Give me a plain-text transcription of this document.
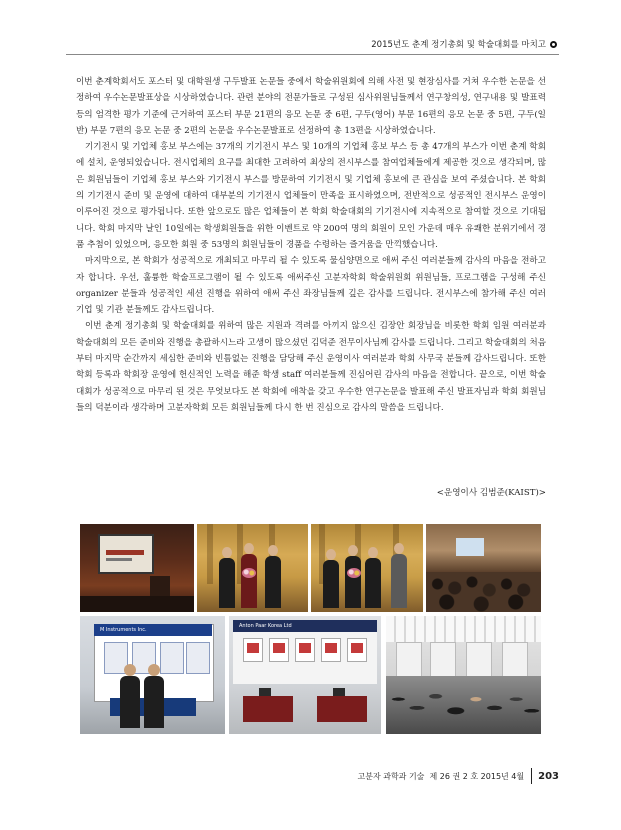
2015년도 춘계 정기총회 및 학술대회를 마치고

이번 춘계학회서도 포스터 및 대학원생 구두발표 논문들 중에서 학술위원회에 의해 사전 및 현장심사를 거쳐 우수한 논문을 선정하여 우수논문발표상을 시상하였습니다. 관련 분야의 전문가들로 구성된 심사위원님들께서 연구창의성, 연구내용 및 발표력 등의 엄격한 평가 기준에 근거하여 포스터 부문 21편의 응모 논문 중 6편, 구두(영어) 부문 16편의 응모 논문 중 5편, 구두(일반) 부문 7편의 응모 논문 중 2편의 논문을 우수논문발표로 선정하여 총 13편을 시상하였습니다.

기기전시 및 기업체 홍보 부스에는 37개의 기기전시 부스 및 10개의 기업체 홍보 부스 등 총 47개의 부스가 이번 춘계 학회에 설치, 운영되었습니다. 전시업체의 요구를 최대한 고려하여 최상의 전시부스를 참여업체들에게 제공한 것으로 생각되며, 많은 회원님들이 기업체 홍보 부스와 기기전시 부스를 방문하여 기기전시 및 기업체 홍보에 큰 관심을 보여 주셨습니다. 본 학회의 기기전시 준비 및 운영에 대하여 대부분의 기기전시 업체들이 만족을 표시하였으며, 전반적으로 성공적인 전시부스 운영이 이루어진 것으로 평가됩니다. 또한 앞으로도 많은 업체들이 본 학회 학술대회의 기기전시에 지속적으로 참여할 것으로 기대됩니다. 학회 마지막 날인 10일에는 학생회원들을 위한 이벤트로 약 200여 명의 회원이 모인 가운데 매우 유쾌한 분위기에서 경품 추첨이 있었으며, 응모한 회원 중 53명의 회원님들이 경품을 수령하는 즐거움을 만끽했습니다.

마지막으로, 본 학회가 성공적으로 개최되고 마무리 될 수 있도록 물심양면으로 애써 주신 여러분들께 감사의 마음을 전하고자 합니다. 우선, 훌륭한 학술프로그램이 될 수 있도록 애써주신 고분자학회 학술위원회 위원님들, 프로그램을 구성해 주신 organizer 분들과 성공적인 세션 진행을 위하여 애써 주신 좌장님들께 깊은 감사를 드립니다. 전시부스에 참가해 주신 여러 기업 및 기관 분들께도 감사드립니다.

이번 춘계 정기총회 및 학술대회를 위하여 많은 지원과 격려를 아끼지 않으신 김장안 회장님을 비롯한 학회 임원 여러분과 학술대회의 모든 준비와 진행을 총괄하시느라 고생이 많으셨던 김덕준 전무이사님께 감사를 드립니다. 그리고 학술대회의 처음부터 마지막 순간까지 세심한 준비와 빈틈없는 진행을 담당해 주신 운영이사 여러분과 학회 사무국 분들께 감사드립니다. 또한 학회 등록과 학회장 운영에 헌신적인 노력을 해준 학생 staff 여러분들께 진심어린 감사의 마음을 전합니다. 끝으로, 이번 학술대회가 성공적으로 마무리 된 것은 무엇보다도 본 학회에 애착을 갖고 우수한 연구논문을 발표해 주신 발표자님과 학회 회원님들의 덕분이라 생각하며 고분자학회 모든 회원님들께 다시 한 번 진심으로 감사의 말씀을 드립니다.

<운영이사 김범준(KAIST)>
M Instruments Inc.
Anton Paar Korea Ltd
고분자 과학과 기술
제 26 권 2 호 2015년 4월 203
